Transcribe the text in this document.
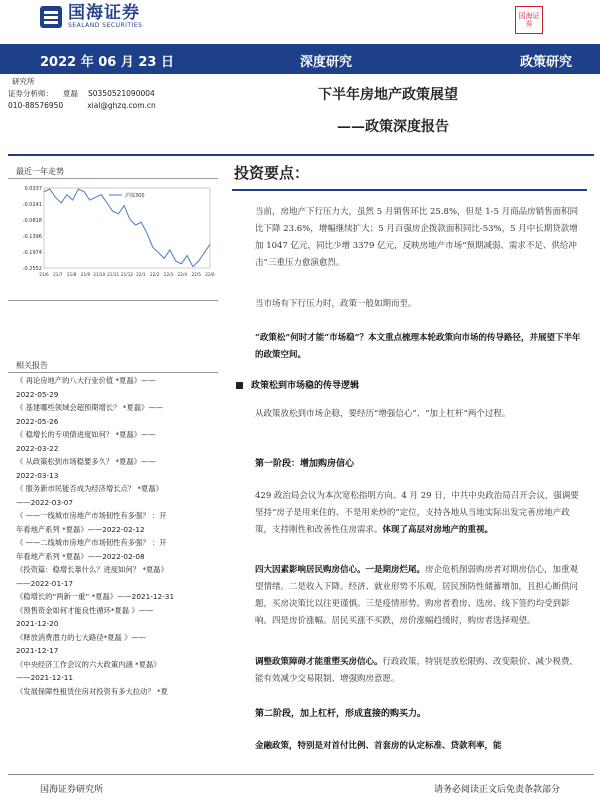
国海证券
SEALAND SECURITIES
国海证券
2022 年 06 月 23 日	深度研究	政策研究
研究所
证券分析师： 夏磊 S0350521090004
010-88576950	xial@ghzq.com.cn
下半年房地产政策展望
——政策深度报告
最近一年走势
0.0337
-0.0241
-0.0818
-0.1396
-0.1974
-0.2552
21/6 21/7 21/8 21/9 21/10 21/11 21/12 22/1 22/2 22/3 22/4 22/5 22/6
沪深300
相关报告
《 再论房地产的八大行业价值 *夏磊》——
2022-05-29
《 基建哪些领域会超预期增长？ *夏磊》——
2022-05-26
《 稳增长的专项债进度如何？ *夏磊》——
2022-03-22
《 从政策松到市场稳要多久？ *夏磊》——
2022-03-13
《 服务新市民能否成为经济增长点？ *夏磊》
——2022-03-07
《 ——一线城市房地产市场韧性有多强？ ：开
年看地产系列 *夏磊》——2022-02-12
《 ——二线城市房地产市场韧性有多强？ ：开
年看地产系列 *夏磊》——2022-02-08
《投资篇：稳增长靠什么？进度如何？ *夏磊》
——2022-01-17
《稳增长的“两新一重” *夏磊》——2021-12-31
《预售资金如何才能良性循环*夏磊 》——
2021-12-20
《释放消费潜力的七大路径*夏磊 》——
2021-12-17
《中央经济工作会议的六大政策内涵 *夏磊》
——2021-12-11
《发展保障性租赁住房对投资有多大拉动？ *夏
投资要点：
当前，房地产下行压力大，虽然 5 月销售环比 25.8%，但是 1-5 月商品房销售面积同比下降 23.6%，增幅继续扩大；5 月百强房企拨款面积同比-53%，5 月中长期贷款增加 1047 亿元，同比少增 3379 亿元，反映房地产市场“预期减弱、需求不足、供给冲击”三重压力愈演愈烈。
当市场有下行压力时，政策一般如期而至。
“政策松”何时才能“市场稳”？本文重点梳理本轮政策向市场的传导路径，并展望下半年的政策空间。
政策松到市场稳的传导逻辑
从政策放松到市场企稳，要经历“增强信心”、“加上杠杆”两个过程。
第一阶段：增加购房信心
429 政治局会议为本次宽松指明方向。4 月 29 日，中共中央政治局召开会议，强调要坚持“房子是用来住的、不是用来炒的”定位，支持各地从当地实际出发完善房地产政策，支持刚性和改善性住房需求。体现了高层对房地产的重视。
四大因素影响居民购房信心。一是期房烂尾。房企危机削弱购房者对期房信心，加重观望情绪。二是收入下降。经济、就业形势不乐观，居民预防性储蓄增加，且担心断供问题，买房决策比以往更谨慎。三是疫情形势。购房者看房、选房、线下签约均受到影响。四是房价涨幅。居民买涨不买跌，房价涨幅趋缓时，购房者选择观望。
调整政策障碍才能重塑买房信心。行政政策，特别是放松限购、改变限价、减少税费，能有效减少交易限制、增强购房意愿。
第二阶段，加上杠杆，形成直接的购买力。
金融政策，特别是对首付比例、首套房的认定标准、贷款利率，能
国海证券研究所	请务必阅读正文后免责条款部分
